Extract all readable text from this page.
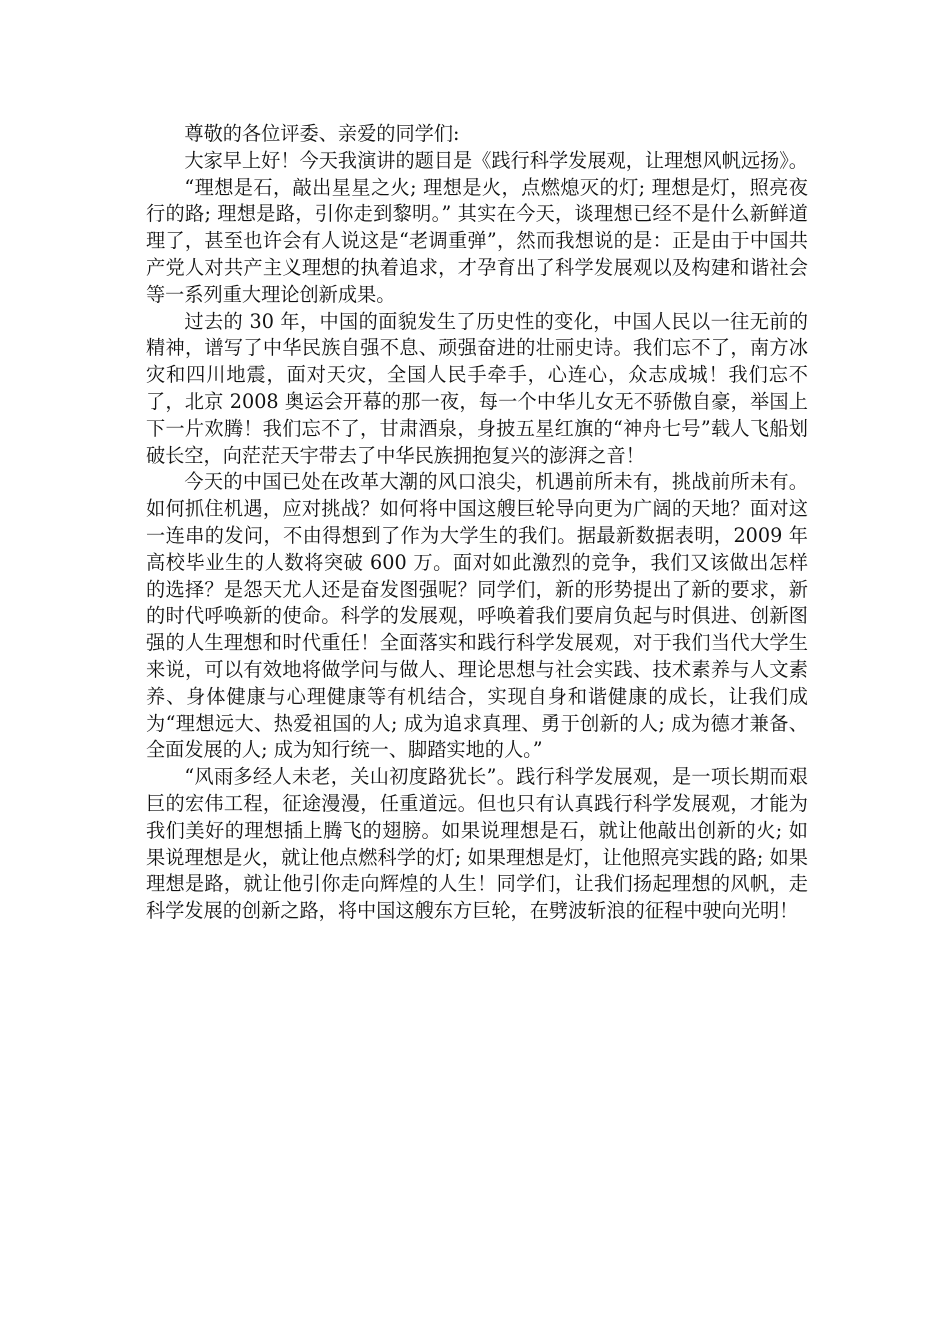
尊敬的各位评委、亲爱的同学们:

大家早上好！今天我演讲的题目是《践行科学发展观，让理想风帆远扬》。

“理想是石，敲出星星之火; 理想是火，点燃熄灭的灯; 理想是灯，照亮夜行的路; 理想是路，引你走到黎明。” 其实在今天，谈理想已经不是什么新鲜道理了，甚至也许会有人说这是“老调重弹”，然而我想说的是：正是由于中国共产党人对共产主义理想的执着追求，才孕育出了科学发展观以及构建和谐社会等一系列重大理论创新成果。

过去的 30 年，中国的面貌发生了历史性的变化，中国人民以一往无前的精神，谱写了中华民族自强不息、顽强奋进的壮丽史诗。我们忘不了，南方冰灾和四川地震，面对天灾，全国人民手牵手，心连心，众志成城！我们忘不了，北京 2008 奥运会开幕的那一夜，每一个中华儿女无不骄傲自豪，举国上下一片欢腾！我们忘不了，甘肃酒泉，身披五星红旗的“神舟七号”载人飞船划破长空，向茫茫天宇带去了中华民族拥抱复兴的澎湃之音！

今天的中国已处在改革大潮的风口浪尖，机遇前所未有，挑战前所未有。如何抓住机遇，应对挑战？如何将中国这艘巨轮导向更为广阔的天地？面对这一连串的发问，不由得想到了作为大学生的我们。据最新数据表明，2009 年高校毕业生的人数将突破 600 万。面对如此激烈的竞争，我们又该做出怎样的选择？是怨天尤人还是奋发图强呢？同学们，新的形势提出了新的要求，新的时代呼唤新的使命。科学的发展观，呼唤着我们要肩负起与时俱进、创新图强的人生理想和时代重任！全面落实和践行科学发展观，对于我们当代大学生来说，可以有效地将做学问与做人、理论思想与社会实践、技术素养与人文素养、身体健康与心理健康等有机结合，实现自身和谐健康的成长，让我们成为“理想远大、热爱祖国的人; 成为追求真理、勇于创新的人; 成为德才兼备、全面发展的人; 成为知行统一、脚踏实地的人。”

“风雨多经人未老，关山初度路犹长”。践行科学发展观，是一项长期而艰巨的宏伟工程，征途漫漫，任重道远。但也只有认真践行科学发展观，才能为我们美好的理想插上腾飞的翅膀。如果说理想是石，就让他敲出创新的火; 如果说理想是火，就让他点燃科学的灯; 如果理想是灯，让他照亮实践的路; 如果理想是路，就让他引你走向辉煌的人生！同学们，让我们扬起理想的风帆，走科学发展的创新之路，将中国这艘东方巨轮，在劈波斩浪的征程中驶向光明！
